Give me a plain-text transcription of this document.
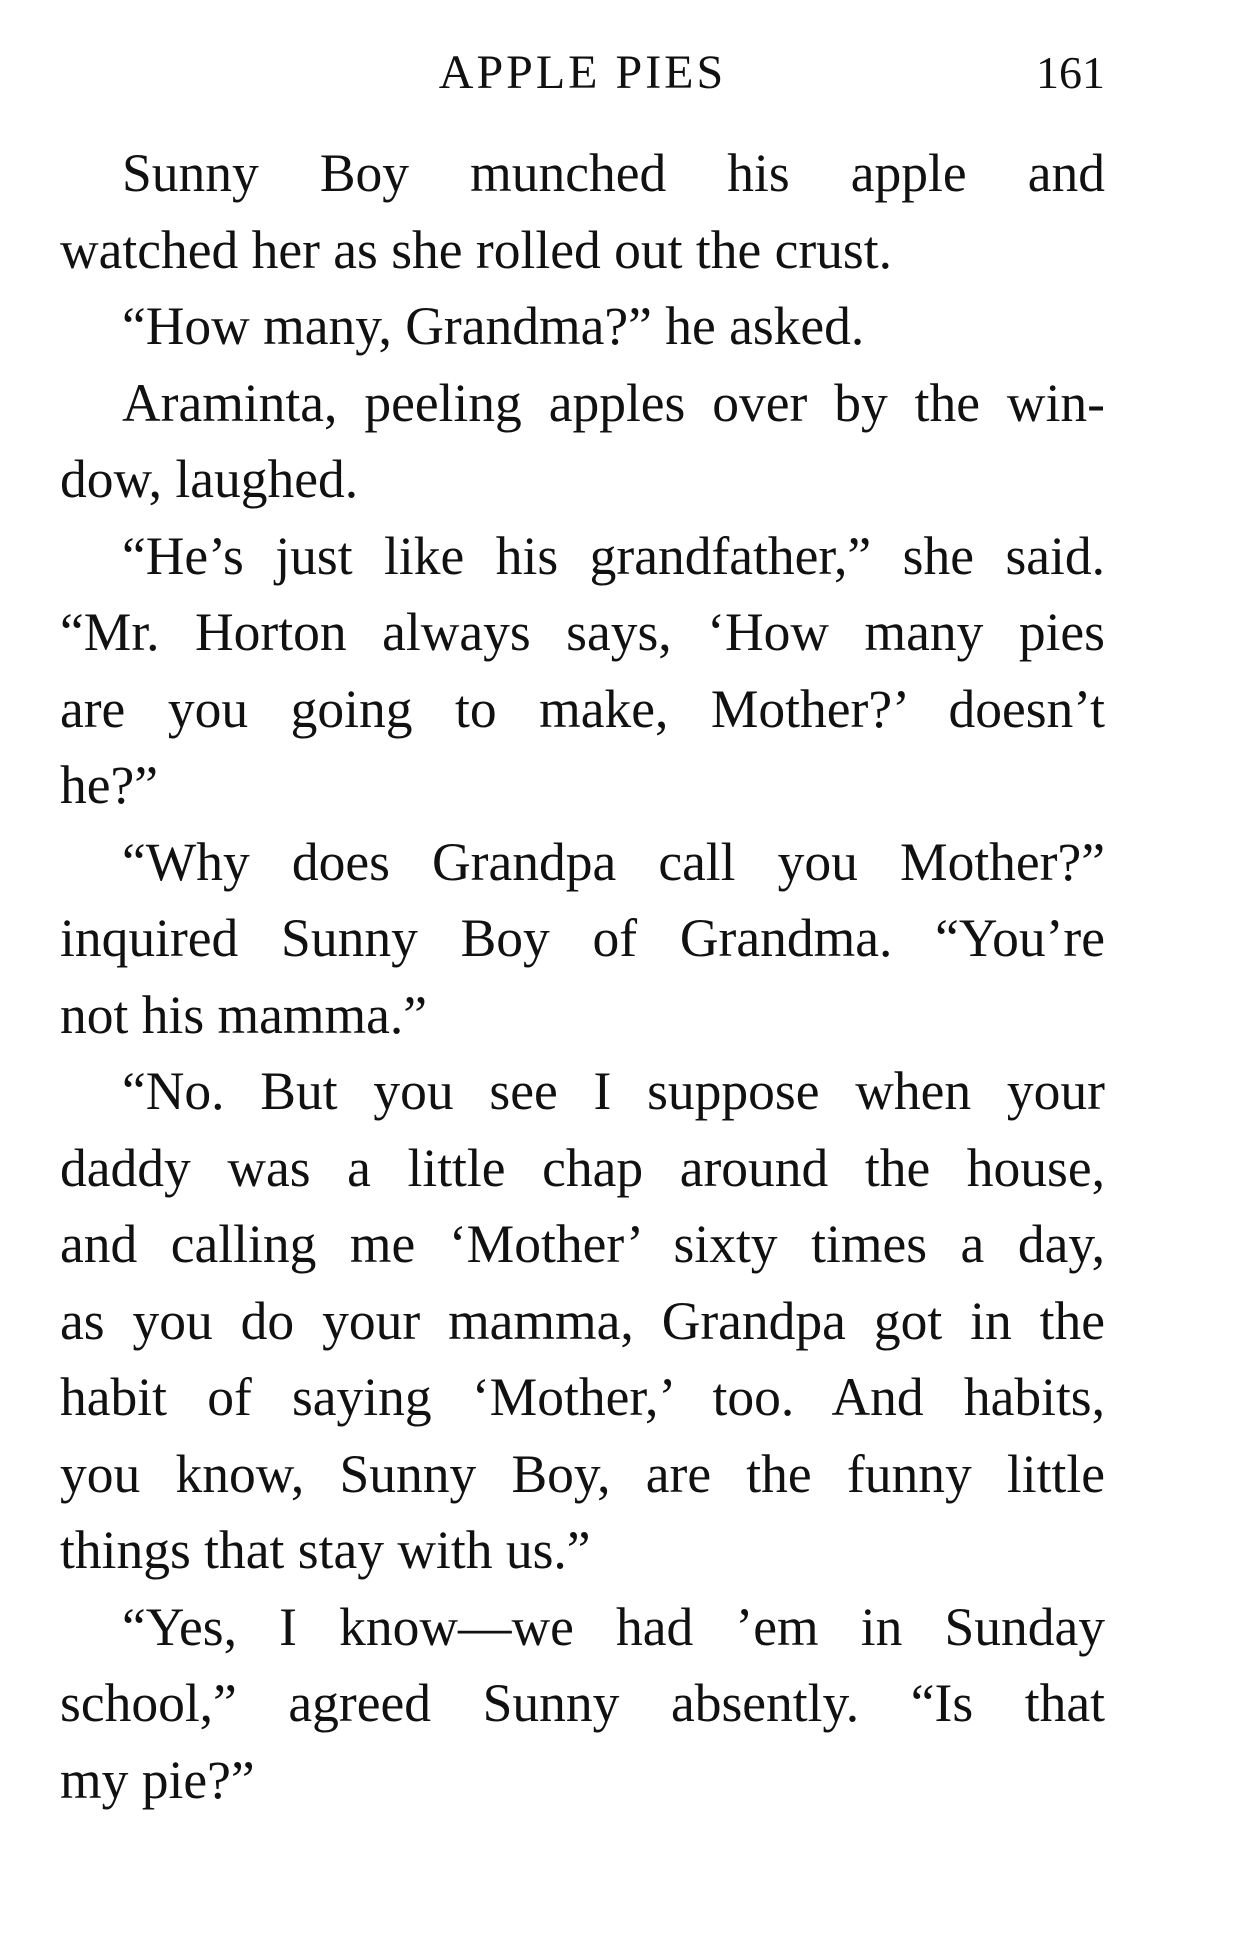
APPLE PIES	161

Sunny Boy munched his apple and
watched her as she rolled out the crust.

“How many, Grandma?” he asked.

Araminta, peeling apples over by the win-
dow, laughed.

“He’s just like his grandfather,” she said.
“Mr. Horton always says, ‘How many pies
are you going to make, Mother?’ doesn’t
he?”

“Why does Grandpa call you Mother?”
inquired Sunny Boy of Grandma. “You’re
not his mamma.”

“No. But you see I suppose when your
daddy was a little chap around the house,
and calling me ‘Mother’ sixty times a day,
as you do your mamma, Grandpa got in the
habit of saying ‘Mother,’ too. And habits,
you know, Sunny Boy, are the funny little
things that stay with us.”

“Yes, I know—we had ’em in Sunday
school,” agreed Sunny absently. “Is that
my pie?”
